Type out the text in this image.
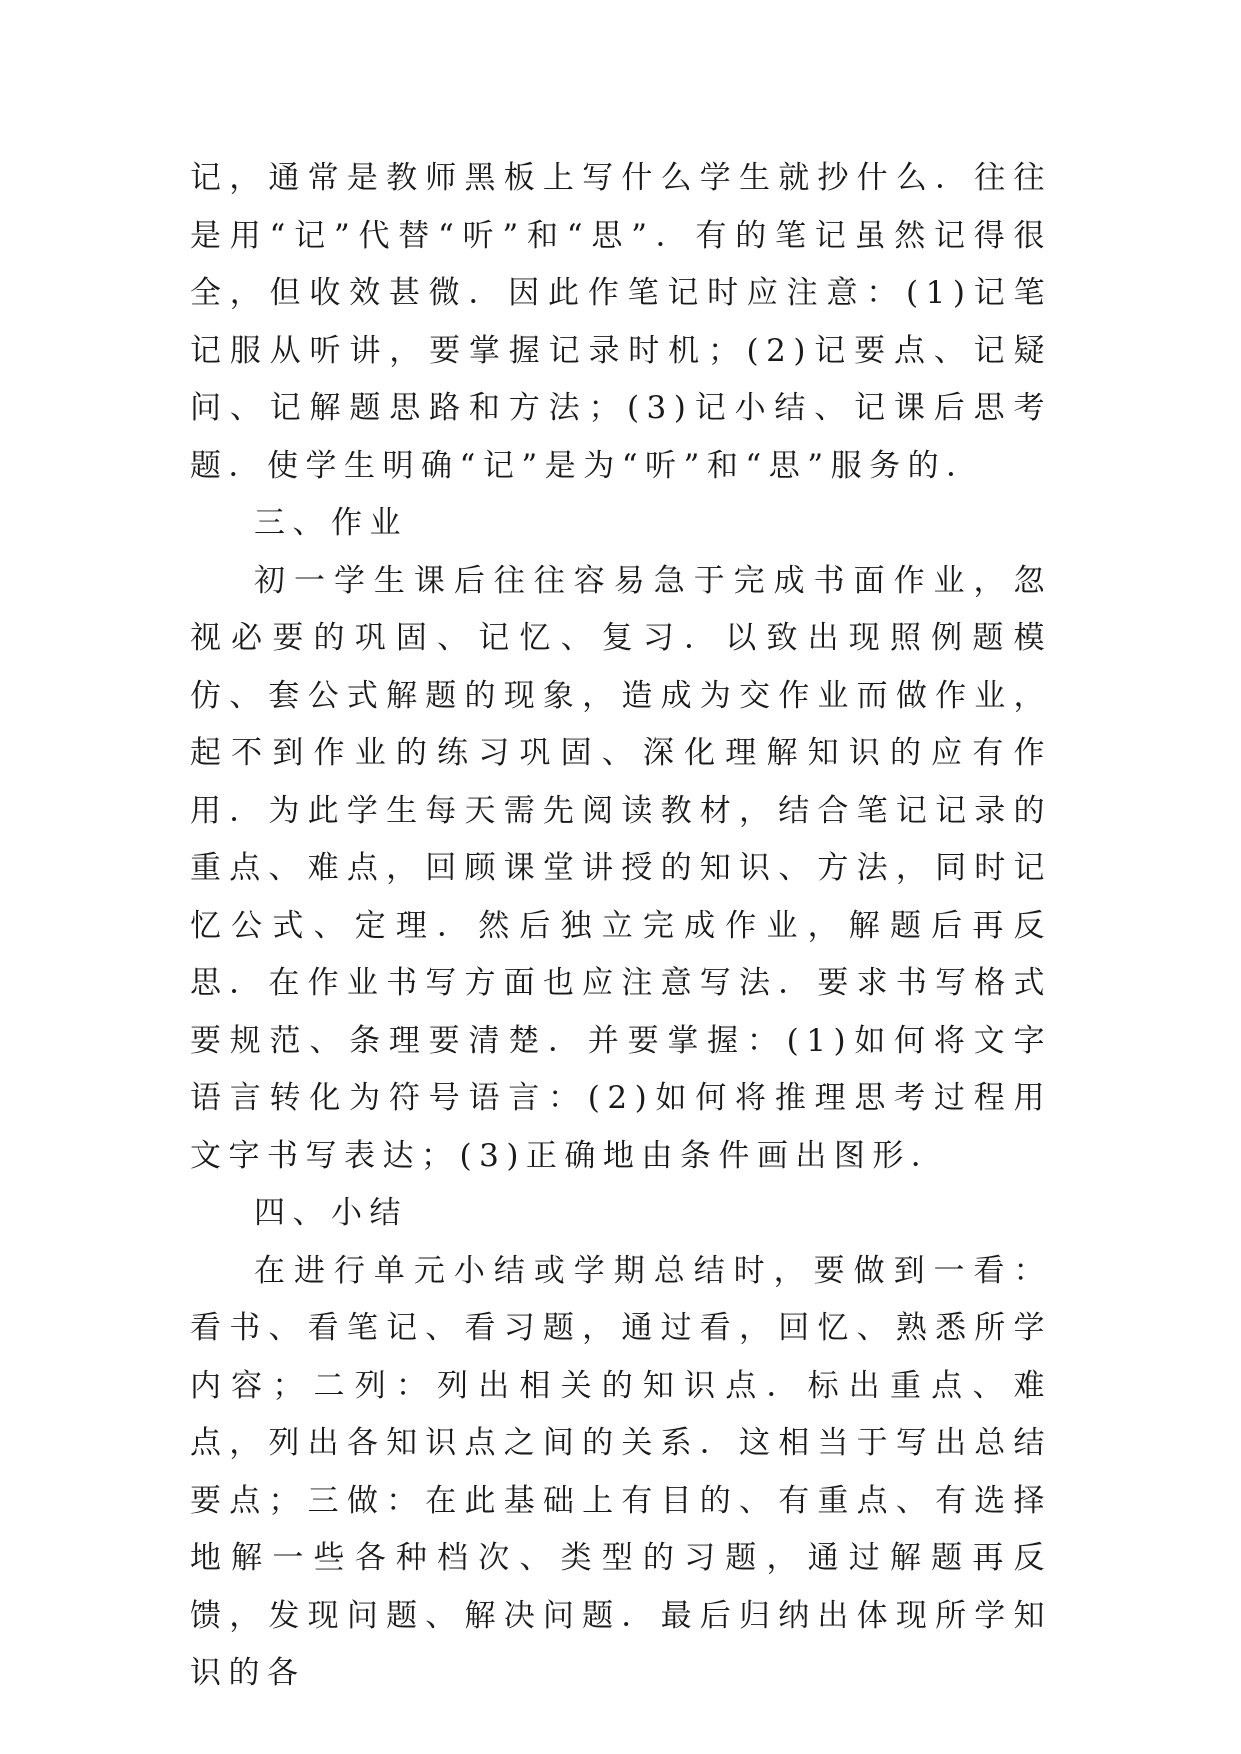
记，通常是教师黑板上写什么学生就抄什么．往往是用“记”代替“听”和“思”．有的笔记虽然记得很全，但收效甚微．因此作笔记时应注意：(1)记笔记服从听讲，要掌握记录时机；(2)记要点、记疑问、记解题思路和方法；(3)记小结、记课后思考题．使学生明确“记”是为“听”和“思”服务的．

三、作业

初一学生课后往往容易急于完成书面作业，忽视必要的巩固、记忆、复习．以致出现照例题模仿、套公式解题的现象，造成为交作业而做作业，起不到作业的练习巩固、深化理解知识的应有作用．为此学生每天需先阅读教材，结合笔记记录的重点、难点，回顾课堂讲授的知识、方法，同时记忆公式、定理．然后独立完成作业，解题后再反思．在作业书写方面也应注意写法．要求书写格式要规范、条理要清楚．并要掌握：(1)如何将文字语言转化为符号语言：(2)如何将推理思考过程用文字书写表达；(3)正确地由条件画出图形．

四、小结

在进行单元小结或学期总结时，要做到一看：看书、看笔记、看习题，通过看，回忆、熟悉所学内容；二列：列出相关的知识点．标出重点、难点，列出各知识点之间的关系．这相当于写出总结要点；三做：在此基础上有目的、有重点、有选择地解一些各种档次、类型的习题，通过解题再反馈，发现问题、解决问题．最后归纳出体现所学知识的各
